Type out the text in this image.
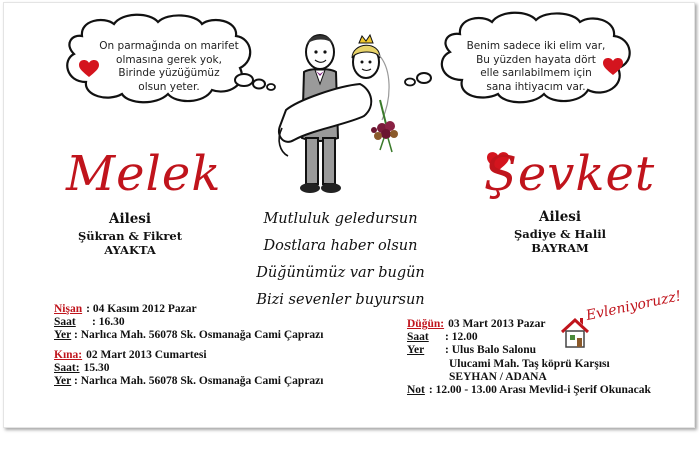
On parmağında on marifet
olmasına gerek yok,
Birinde yüzüğümüz
olsun yeter.
Benim sadece iki elim var,
Bu yüzden hayata dört
elle sarılabilmem için
sana ihtiyacım var.
Melek	Şevket
Ailesi
Şükran & Fikret
AYAKTA
Ailesi
Şadiye & Halil
BAYRAM
Mutluluk geledursun
Dostlara haber olsun
Düğünümüz var bugün
Bizi sevenler buyursun
Nişan : 04 Kasım 2012 Pazar
Saat	: 16.30
Yer : Narlıca Mah. 56078 Sk. Osmanağa Cami Çaprazı
Kına: 02 Mart 2013 Cumartesi
Saat: 15.30
Yer : Narlıca Mah. 56078 Sk. Osmanağa Cami Çaprazı
Düğün: 03 Mart 2013 Pazar
Saat	: 12.00
Yer	: Ulus Balo Salonu
Ulucami Mah. Taş köprü Karşısı
SEYHAN / ADANA
Not : 12.00 - 13.00 Arası Mevlid-i Şerif Okunacak
Evleniyoruzz!
